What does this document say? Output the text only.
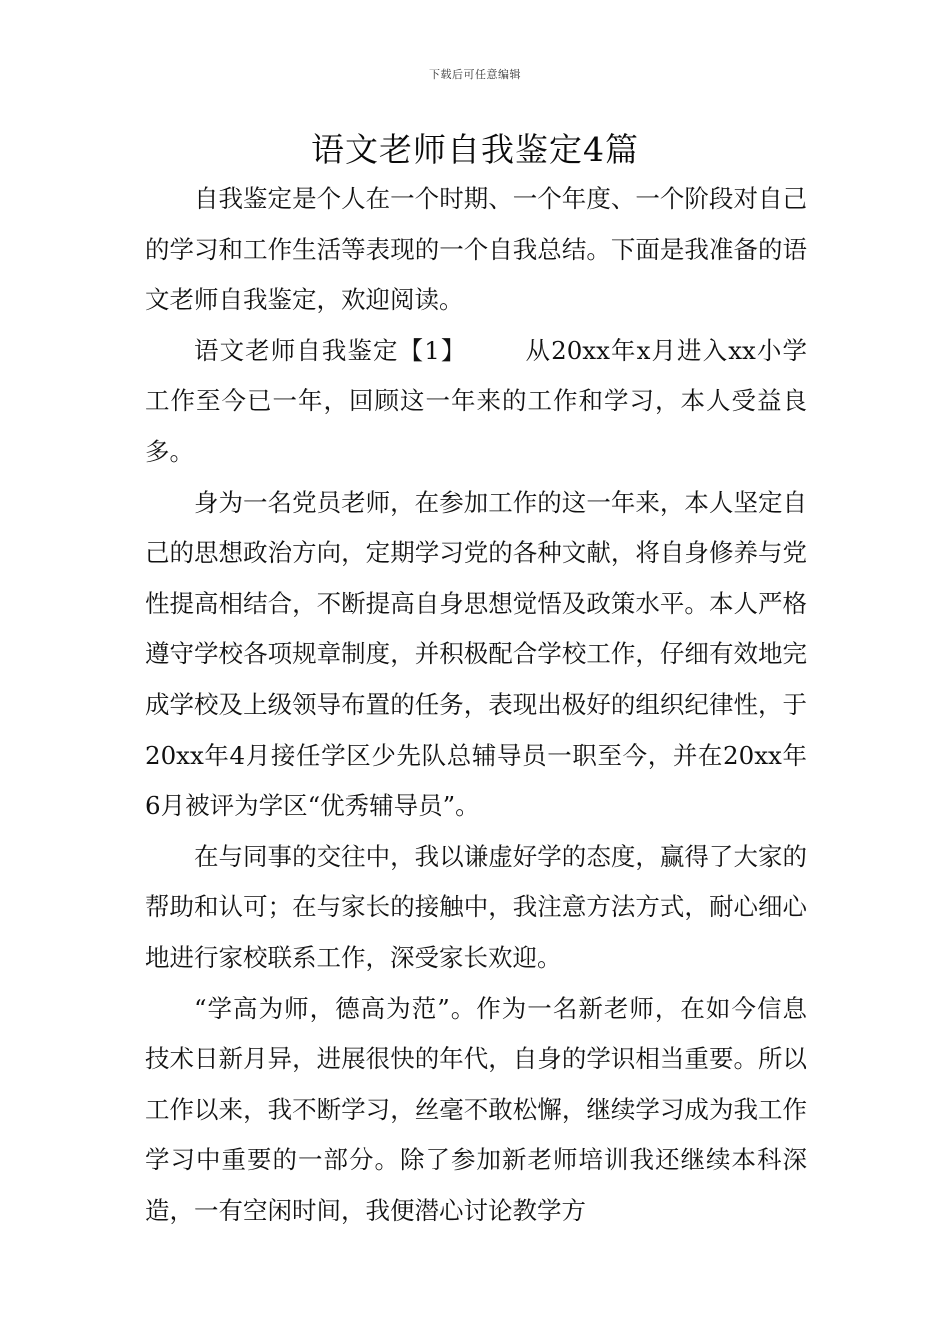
下载后可任意编辑
语文老师自我鉴定4篇

自我鉴定是个人在一个时期、一个年度、一个阶段对自己的学习和工作生活等表现的一个自我总结。下面是我准备的语文老师自我鉴定，欢迎阅读。

语文老师自我鉴定【1】 从20xx年x月进入xx小学工作至今已一年，回顾这一年来的工作和学习，本人受益良多。

身为一名党员老师，在参加工作的这一年来，本人坚定自己的思想政治方向，定期学习党的各种文献，将自身修养与党性提高相结合，不断提高自身思想觉悟及政策水平。本人严格遵守学校各项规章制度，并积极配合学校工作，仔细有效地完成学校及上级领导布置的任务，表现出极好的组织纪律性，于20xx年4月接任学区少先队总辅导员一职至今，并在20xx年6月被评为学区“优秀辅导员”。

在与同事的交往中，我以谦虚好学的态度，赢得了大家的帮助和认可；在与家长的接触中，我注意方法方式，耐心细心地进行家校联系工作，深受家长欢迎。

“学高为师，德高为范”。作为一名新老师，在如今信息技术日新月异，进展很快的年代，自身的学识相当重要。所以工作以来，我不断学习，丝毫不敢松懈，继续学习成为我工作学习中重要的一部分。除了参加新老师培训我还继续本科深造，一有空闲时间，我便潜心讨论教学方
